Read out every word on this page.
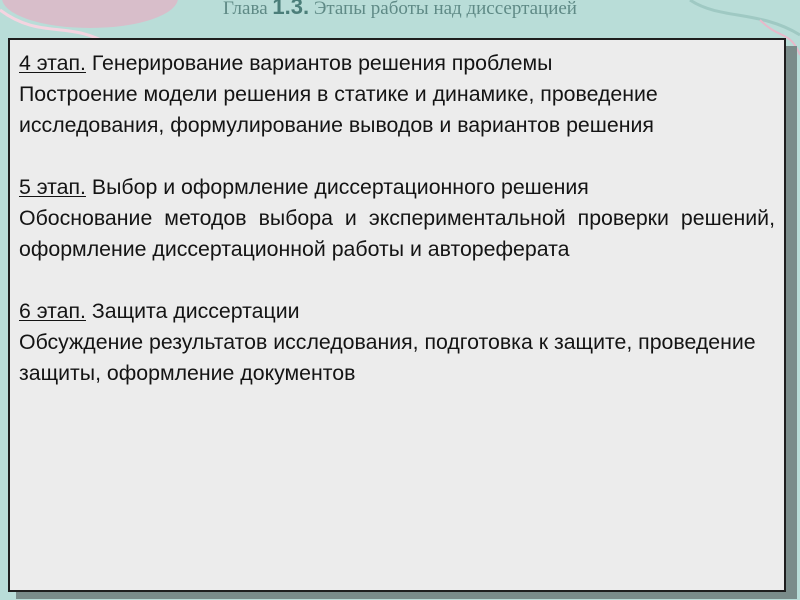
Глава 1.3. Этапы работы над диссертацией

4 этап. Генерирование вариантов решения проблемы
Построение модели решения в статике и динамике, проведение исследования, формулирование выводов и вариантов решения

5 этап. Выбор и оформление диссертационного решения
Обоснование методов выбора и экспериментальной проверки решений, оформление диссертационной работы и автореферата

6 этап. Защита диссертации
Обсуждение результатов исследования, подготовка к защите, проведение защиты, оформление документов
